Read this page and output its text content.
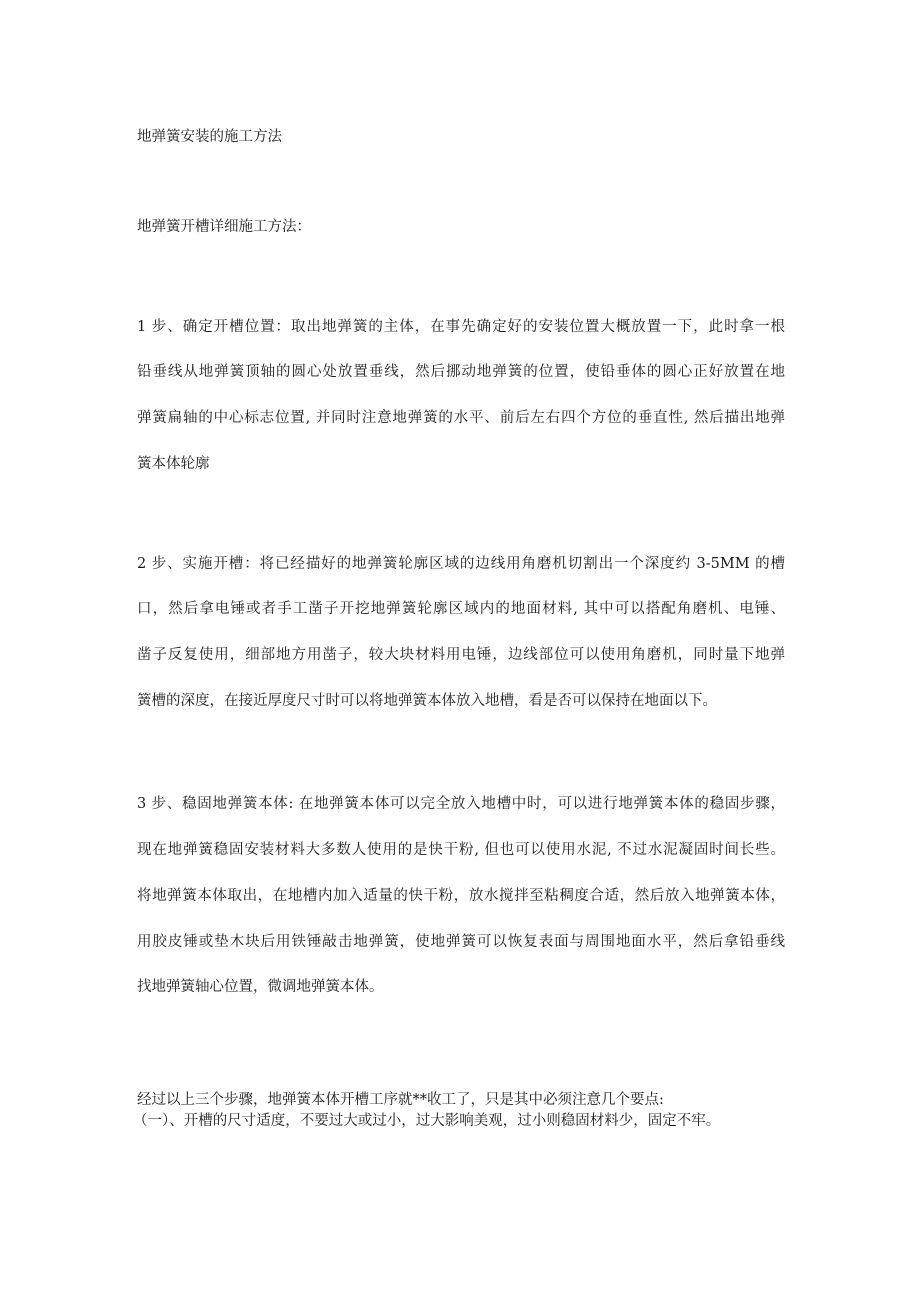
地弹簧安装的施工方法
地弹簧开槽详细施工方法：
1 步、确定开槽位置：取出地弹簧的主体，在事先确定好的安装位置大概放置一下，此时拿一根
铅垂线从地弹簧顶轴的圆心处放置垂线，然后挪动地弹簧的位置，使铅垂体的圆心正好放置在地
弹簧扁轴的中心标志位置, 并同时注意地弹簧的水平、前后左右四个方位的垂直性, 然后描出地弹
簧本体轮廓
2 步、实施开槽：将已经描好的地弹簧轮廓区域的边线用角磨机切割出一个深度约 3-5MM 的槽
口，然后拿电锤或者手工凿子开挖地弹簧轮廓区域内的地面材料, 其中可以搭配角磨机、电锤、
凿子反复使用，细部地方用凿子，较大块材料用电锤，边线部位可以使用角磨机，同时量下地弹
簧槽的深度，在接近厚度尺寸时可以将地弹簧本体放入地槽，看是否可以保持在地面以下。
3 步、稳固地弹簧本体: 在地弹簧本体可以完全放入地槽中时，可以进行地弹簧本体的稳固步骤，
现在地弹簧稳固安装材料大多数人使用的是快干粉, 但也可以使用水泥, 不过水泥凝固时间长些。
将地弹簧本体取出，在地槽内加入适量的快干粉，放水搅拌至粘稠度合适，然后放入地弹簧本体，
用胶皮锤或垫木块后用铁锤敲击地弹簧，使地弹簧可以恢复表面与周围地面水平，然后拿铅垂线
找地弹簧轴心位置，微调地弹簧本体。
经过以上三个步骤，地弹簧本体开槽工序就**收工了，只是其中必须注意几个要点:
（一）、开槽的尺寸适度，不要过大或过小，过大影响美观，过小则稳固材料少，固定不牢。
